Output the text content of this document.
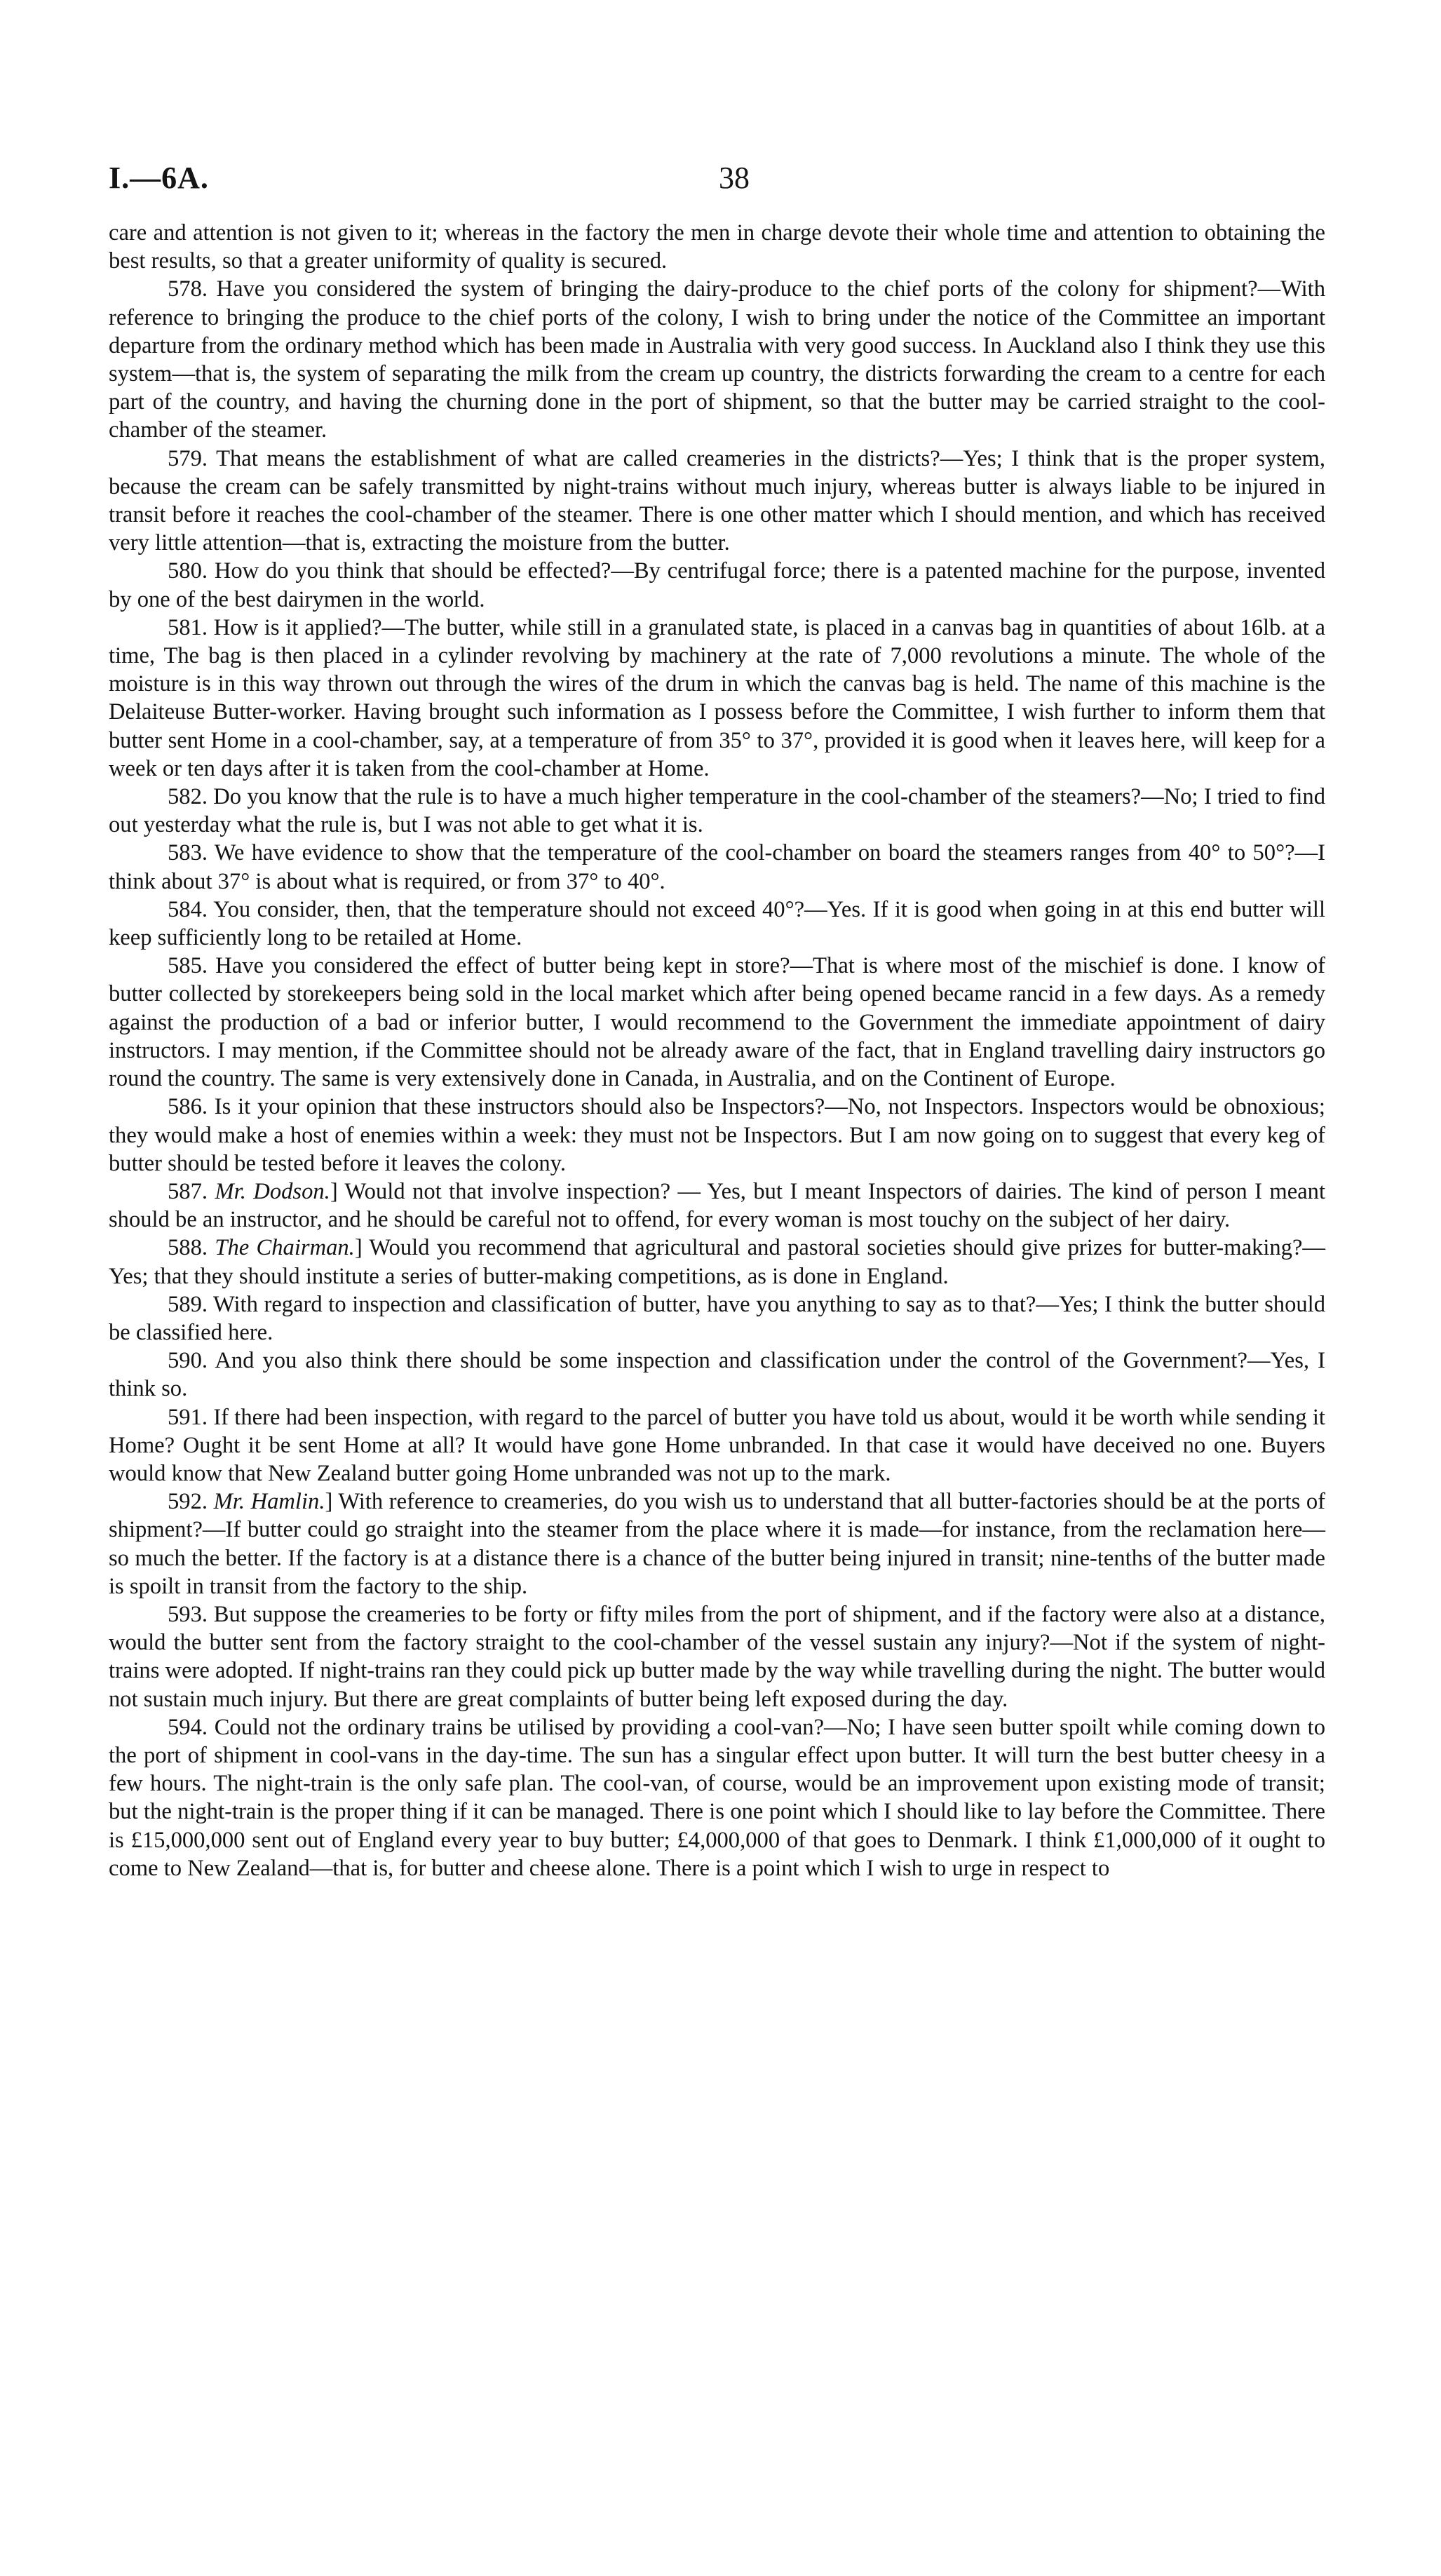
I.—6A.	38

care and attention is not given to it; whereas in the factory the men in charge devote their whole time and attention to obtaining the best results, so that a greater uniformity of quality is secured.

578. Have you considered the system of bringing the dairy-produce to the chief ports of the colony for shipment?—With reference to bringing the produce to the chief ports of the colony, I wish to bring under the notice of the Committee an important departure from the ordinary method which has been made in Australia with very good success. In Auckland also I think they use this system—that is, the system of separating the milk from the cream up country, the districts forwarding the cream to a centre for each part of the country, and having the churning done in the port of shipment, so that the butter may be carried straight to the cool-chamber of the steamer.

579. That means the establishment of what are called creameries in the districts?—Yes; I think that is the proper system, because the cream can be safely transmitted by night-trains without much injury, whereas butter is always liable to be injured in transit before it reaches the cool-chamber of the steamer. There is one other matter which I should mention, and which has received very little attention—that is, extracting the moisture from the butter.

580. How do you think that should be effected?—By centrifugal force; there is a patented machine for the purpose, invented by one of the best dairymen in the world.

581. How is it applied?—The butter, while still in a granulated state, is placed in a canvas bag in quantities of about 16lb. at a time, The bag is then placed in a cylinder revolving by machinery at the rate of 7,000 revolutions a minute. The whole of the moisture is in this way thrown out through the wires of the drum in which the canvas bag is held. The name of this machine is the Delaiteuse Butter-worker. Having brought such information as I possess before the Committee, I wish further to inform them that butter sent Home in a cool-chamber, say, at a temperature of from 35° to 37°, provided it is good when it leaves here, will keep for a week or ten days after it is taken from the cool-chamber at Home.

582. Do you know that the rule is to have a much higher temperature in the cool-chamber of the steamers?—No; I tried to find out yesterday what the rule is, but I was not able to get what it is.

583. We have evidence to show that the temperature of the cool-chamber on board the steamers ranges from 40° to 50°?—I think about 37° is about what is required, or from 37° to 40°.

584. You consider, then, that the temperature should not exceed 40°?—Yes. If it is good when going in at this end butter will keep sufficiently long to be retailed at Home.

585. Have you considered the effect of butter being kept in store?—That is where most of the mischief is done. I know of butter collected by storekeepers being sold in the local market which after being opened became rancid in a few days. As a remedy against the production of a bad or inferior butter, I would recommend to the Government the immediate appointment of dairy instructors. I may mention, if the Committee should not be already aware of the fact, that in England travelling dairy instructors go round the country. The same is very extensively done in Canada, in Australia, and on the Continent of Europe.

586. Is it your opinion that these instructors should also be Inspectors?—No, not Inspectors. Inspectors would be obnoxious; they would make a host of enemies within a week: they must not be Inspectors. But I am now going on to suggest that every keg of butter should be tested before it leaves the colony.

587. Mr. Dodson.] Would not that involve inspection? — Yes, but I meant Inspectors of dairies. The kind of person I meant should be an instructor, and he should be careful not to offend, for every woman is most touchy on the subject of her dairy.

588. The Chairman.] Would you recommend that agricultural and pastoral societies should give prizes for butter-making?—Yes; that they should institute a series of butter-making competitions, as is done in England.

589. With regard to inspection and classification of butter, have you anything to say as to that?—Yes; I think the butter should be classified here.

590. And you also think there should be some inspection and classification under the control of the Government?—Yes, I think so.

591. If there had been inspection, with regard to the parcel of butter you have told us about, would it be worth while sending it Home? Ought it be sent Home at all? It would have gone Home unbranded. In that case it would have deceived no one. Buyers would know that New Zealand butter going Home unbranded was not up to the mark.

592. Mr. Hamlin.] With reference to creameries, do you wish us to understand that all butter-factories should be at the ports of shipment?—If butter could go straight into the steamer from the place where it is made—for instance, from the reclamation here—so much the better. If the factory is at a distance there is a chance of the butter being injured in transit; nine-tenths of the butter made is spoilt in transit from the factory to the ship.

593. But suppose the creameries to be forty or fifty miles from the port of shipment, and if the factory were also at a distance, would the butter sent from the factory straight to the cool-chamber of the vessel sustain any injury?—Not if the system of night-trains were adopted. If night-trains ran they could pick up butter made by the way while travelling during the night. The butter would not sustain much injury. But there are great complaints of butter being left exposed during the day.

594. Could not the ordinary trains be utilised by providing a cool-van?—No; I have seen butter spoilt while coming down to the port of shipment in cool-vans in the day-time. The sun has a singular effect upon butter. It will turn the best butter cheesy in a few hours. The night-train is the only safe plan. The cool-van, of course, would be an improvement upon existing mode of transit; but the night-train is the proper thing if it can be managed. There is one point which I should like to lay before the Committee. There is £15,000,000 sent out of England every year to buy butter; £4,000,000 of that goes to Denmark. I think £1,000,000 of it ought to come to New Zealand—that is, for butter and cheese alone. There is a point which I wish to urge in respect to
